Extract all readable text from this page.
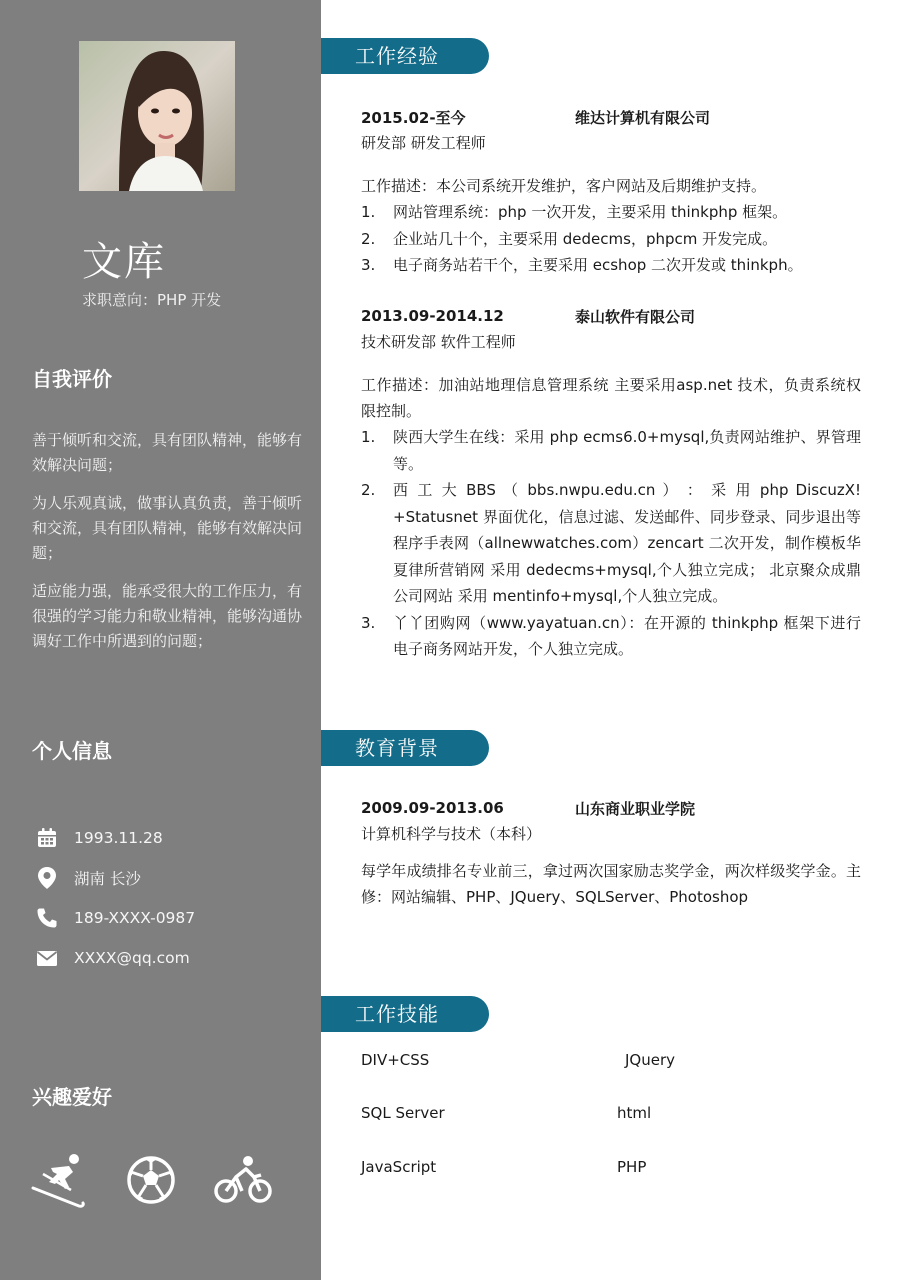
文库
求职意向：PHP 开发
自我评价

善于倾听和交流，具有团队精神，能够有效解决问题；

为人乐观真诚，做事认真负责，善于倾听和交流，具有团队精神，能够有效解决问题；

适应能力强，能承受很大的工作压力，有很强的学习能力和敬业精神，能够沟通协调好工作中所遇到的问题；

个人信息
1993.11.28
湖南 长沙
189-XXXX-0987
XXXX@qq.com
兴趣爱好
工作经验
2015.02-至今	维达计算机有限公司
研发部 研发工程师
工作描述：本公司系统开发维护，客户网站及后期维护支持。
1.	网站管理系统：php 一次开发，主要采用 thinkphp 框架。
2.	企业站几十个，主要采用 dedecms，phpcm 开发完成。
3.	电子商务站若干个，主要采用 ecshop 二次开发或 thinkph。
2013.09-2014.12	泰山软件有限公司
技术研发部 软件工程师
工作描述：加油站地理信息管理系统 主要采用asp.net 技术，负责系统权限控制。
1.	陕西大学生在线：采用 php ecms6.0+mysql,负责网站维护、界管理等。
2.	西 工 大 BBS （ bbs.nwpu.edu.cn ） ： 采 用 php DiscuzX! +Statusnet 界面优化，信息过滤、发送邮件、同步登录、同步退出等程序手表网（allnewwatches.com）zencart 二次开发，制作模板华夏律所营销网 采用 dedecms+mysql,个人独立完成； 北京聚众成鼎公司网站 采用 mentinfo+mysql,个人独立完成。
3.	丫丫团购网（www.yayatuan.cn）：在开源的 thinkphp 框架下进行电子商务网站开发，个人独立完成。
教育背景
2009.09-2013.06	山东商业职业学院
计算机科学与技术（本科）
每学年成绩排名专业前三，拿过两次国家励志奖学金，两次样级奖学金。主修：网站编辑、PHP、JQuery、SQLServer、Photoshop
工作技能
DIV+CSS	JQuery
SQL Server	html
JavaScript	PHP
